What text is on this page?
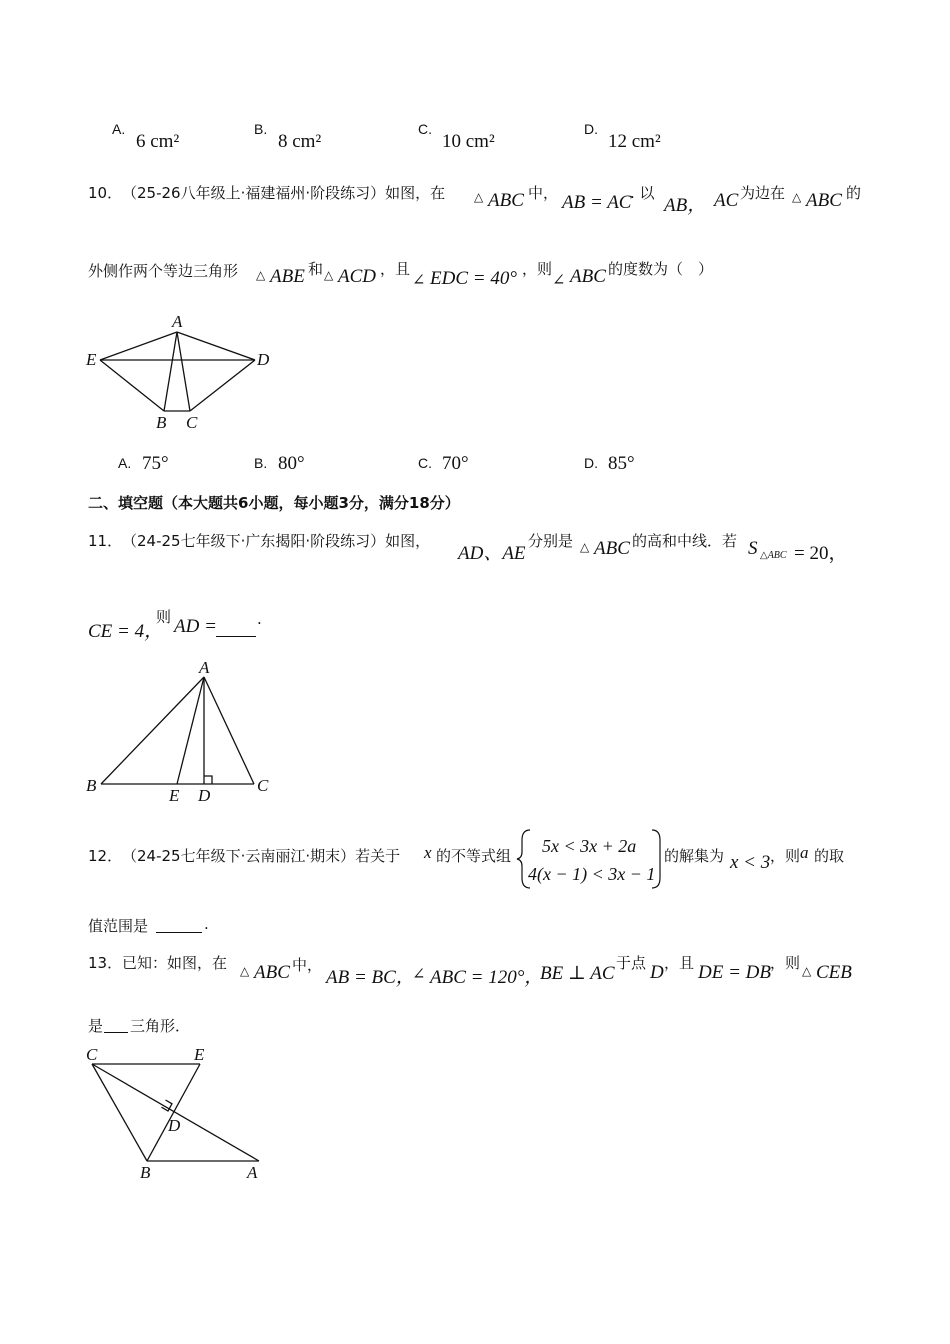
A.
6 cm²
B.
8 cm²
C.
10 cm²
D.
12 cm²
10． （25-26八年级上·福建福州·阶段练习）如图，在 △ ABC 中， AB = AC
. 以
AB， AC 为边在 △ ABC 的
外侧作两个等边三角形 △ ABE 和 △ ACD ，且
∠ EDC = 40° ，则
∠ ABC 的度数为（　）
A
E	D
B C
A. 75°	B. 80°	C. 70°	D. 85°
二、填空题（本大题共6小题，每小题3分，满分18分）
11． （24-25七年级下·广东揭阳·阶段练习）如图，
AD、AE
分别是 △ ABC 的高和中线．若 S △ABC = 20，
CE = 4，
则 AD =	.
A
B	C
E D
12． （24-25七年级下·云南丽江·期末）若关于 x 的不等式组 5x < 3x + 2a
4(x − 1) < 3x − 1
的解集为 x < 3 ，则 a 的取
值范围是	.
13． 已知：如图，在 △ ABC 中，
AB = BC，
∠ ABC = 120°，
BE ⊥ AC 于点 D ，且 DE = DB ，则 △ CEB
是 三角形．
C	E
D
B	A
